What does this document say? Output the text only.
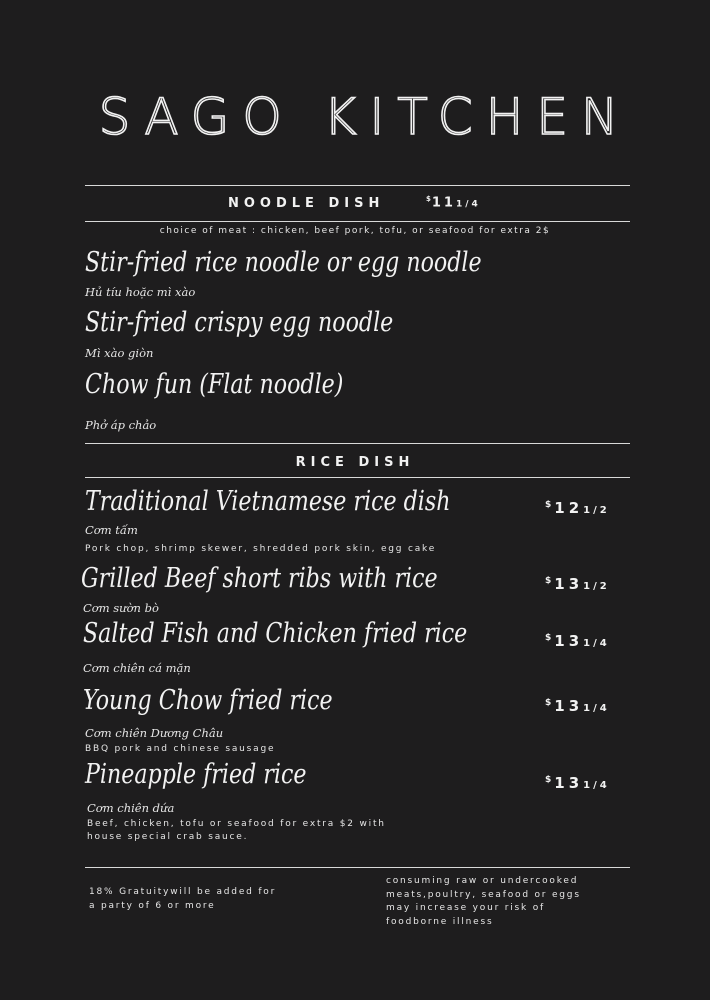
SAGO KITCHEN
NOODLE DISH	$111/4
choice of meat : chicken, beef pork, tofu, or seafood for extra 2$
Stir-fried rice noodle or egg noodle
Hủ tíu hoặc mì xào
Stir-fried crispy egg noodle
Mì xào giòn
Chow fun (Flat noodle)
Phở áp chảo
RICE DISH
Traditional Vietnamese rice dish	$121/2
Cơm tấm
Pork chop, shrimp skewer, shredded pork skin, egg cake
Grilled Beef short ribs with rice	$131/2
Cơm sườn bò
Salted Fish and Chicken fried rice	$131/4
Cơm chiên cá mặn
Young Chow fried rice	$131/4
Cơm chiên Dương Châu
BBQ pork and chinese sausage
Pineapple fried rice	$131/4
Cơm chiên dứa
Beef, chicken, tofu or seafood for extra $2 with
house special crab sauce.
18% Gratuitywill be added for
a party of 6 or more
consuming raw or undercooked
meats,poultry, seafood or eggs
may increase your risk of
foodborne illness
